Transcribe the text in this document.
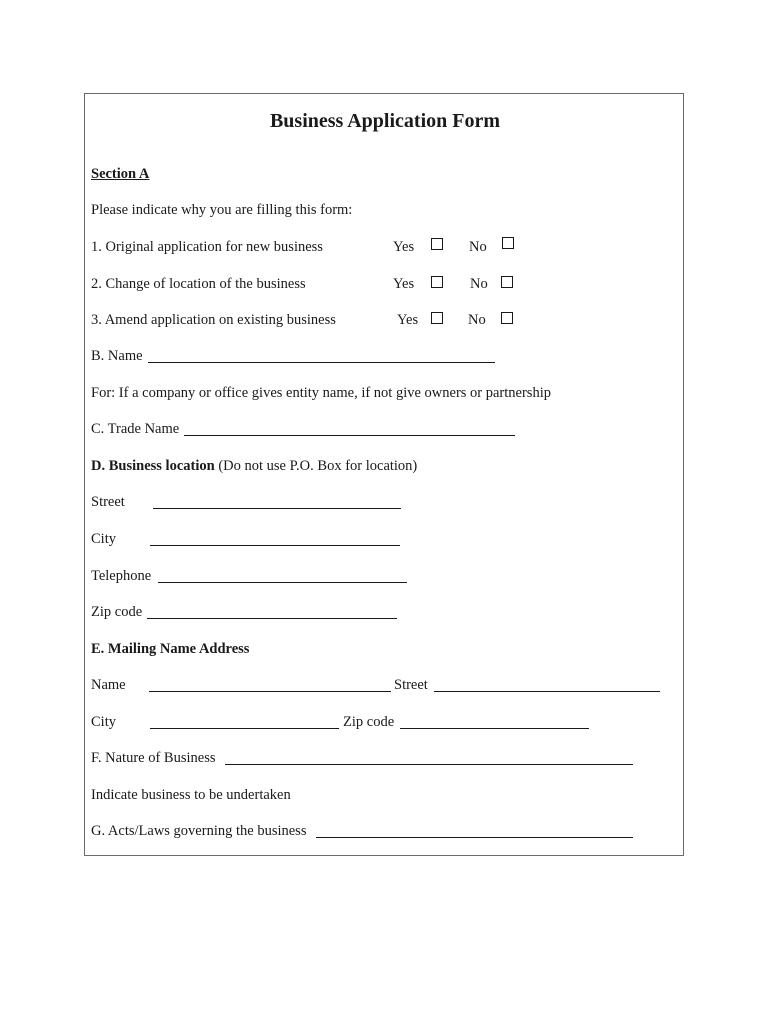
Business Application Form
Section A
Please indicate why you are filling this form:
1. Original application for new business	Yes	No
2. Change of location of the business	Yes	No
3. Amend application on existing business	Yes	No
B. Name
For: If a company or office gives entity name, if not give owners or partnership
C. Trade Name
D. Business location (Do not use P.O. Box for location)
Street
City
Telephone
Zip code
E. Mailing Name Address
Name	Street
City	Zip code
F. Nature of Business
Indicate business to be undertaken
G. Acts/Laws governing the business
